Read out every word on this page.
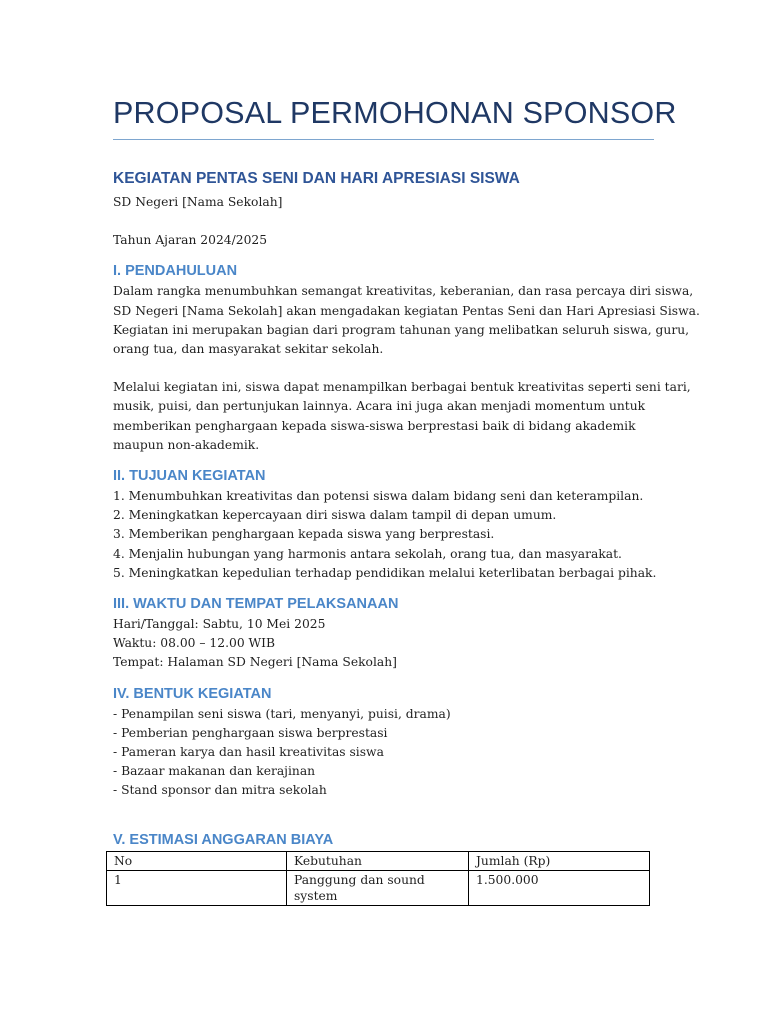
PROPOSAL PERMOHONAN SPONSOR
KEGIATAN PENTAS SENI DAN HARI APRESIASI SISWA

SD Negeri [Nama Sekolah]

Tahun Ajaran 2024/2025

I. PENDAHULUAN

Dalam rangka menumbuhkan semangat kreativitas, keberanian, dan rasa percaya diri siswa,

SD Negeri [Nama Sekolah] akan mengadakan kegiatan Pentas Seni dan Hari Apresiasi Siswa.

Kegiatan ini merupakan bagian dari program tahunan yang melibatkan seluruh siswa, guru,

orang tua, dan masyarakat sekitar sekolah.

Melalui kegiatan ini, siswa dapat menampilkan berbagai bentuk kreativitas seperti seni tari,

musik, puisi, dan pertunjukan lainnya. Acara ini juga akan menjadi momentum untuk

memberikan penghargaan kepada siswa-siswa berprestasi baik di bidang akademik

maupun non-akademik.

II. TUJUAN KEGIATAN

1. Menumbuhkan kreativitas dan potensi siswa dalam bidang seni dan keterampilan.

2. Meningkatkan kepercayaan diri siswa dalam tampil di depan umum.

3. Memberikan penghargaan kepada siswa yang berprestasi.

4. Menjalin hubungan yang harmonis antara sekolah, orang tua, dan masyarakat.

5. Meningkatkan kepedulian terhadap pendidikan melalui keterlibatan berbagai pihak.

III. WAKTU DAN TEMPAT PELAKSANAAN

Hari/Tanggal: Sabtu, 10 Mei 2025

Waktu: 08.00 – 12.00 WIB

Tempat: Halaman SD Negeri [Nama Sekolah]

IV. BENTUK KEGIATAN

- Penampilan seni siswa (tari, menyanyi, puisi, drama)

- Pemberian penghargaan siswa berprestasi

- Pameran karya dan hasil kreativitas siswa

- Bazaar makanan dan kerajinan

- Stand sponsor dan mitra sekolah

V. ESTIMASI ANGGARAN BIAYA
No	Kebutuhan	Jumlah (Rp)
1	Panggung dan sound system	1.500.000
